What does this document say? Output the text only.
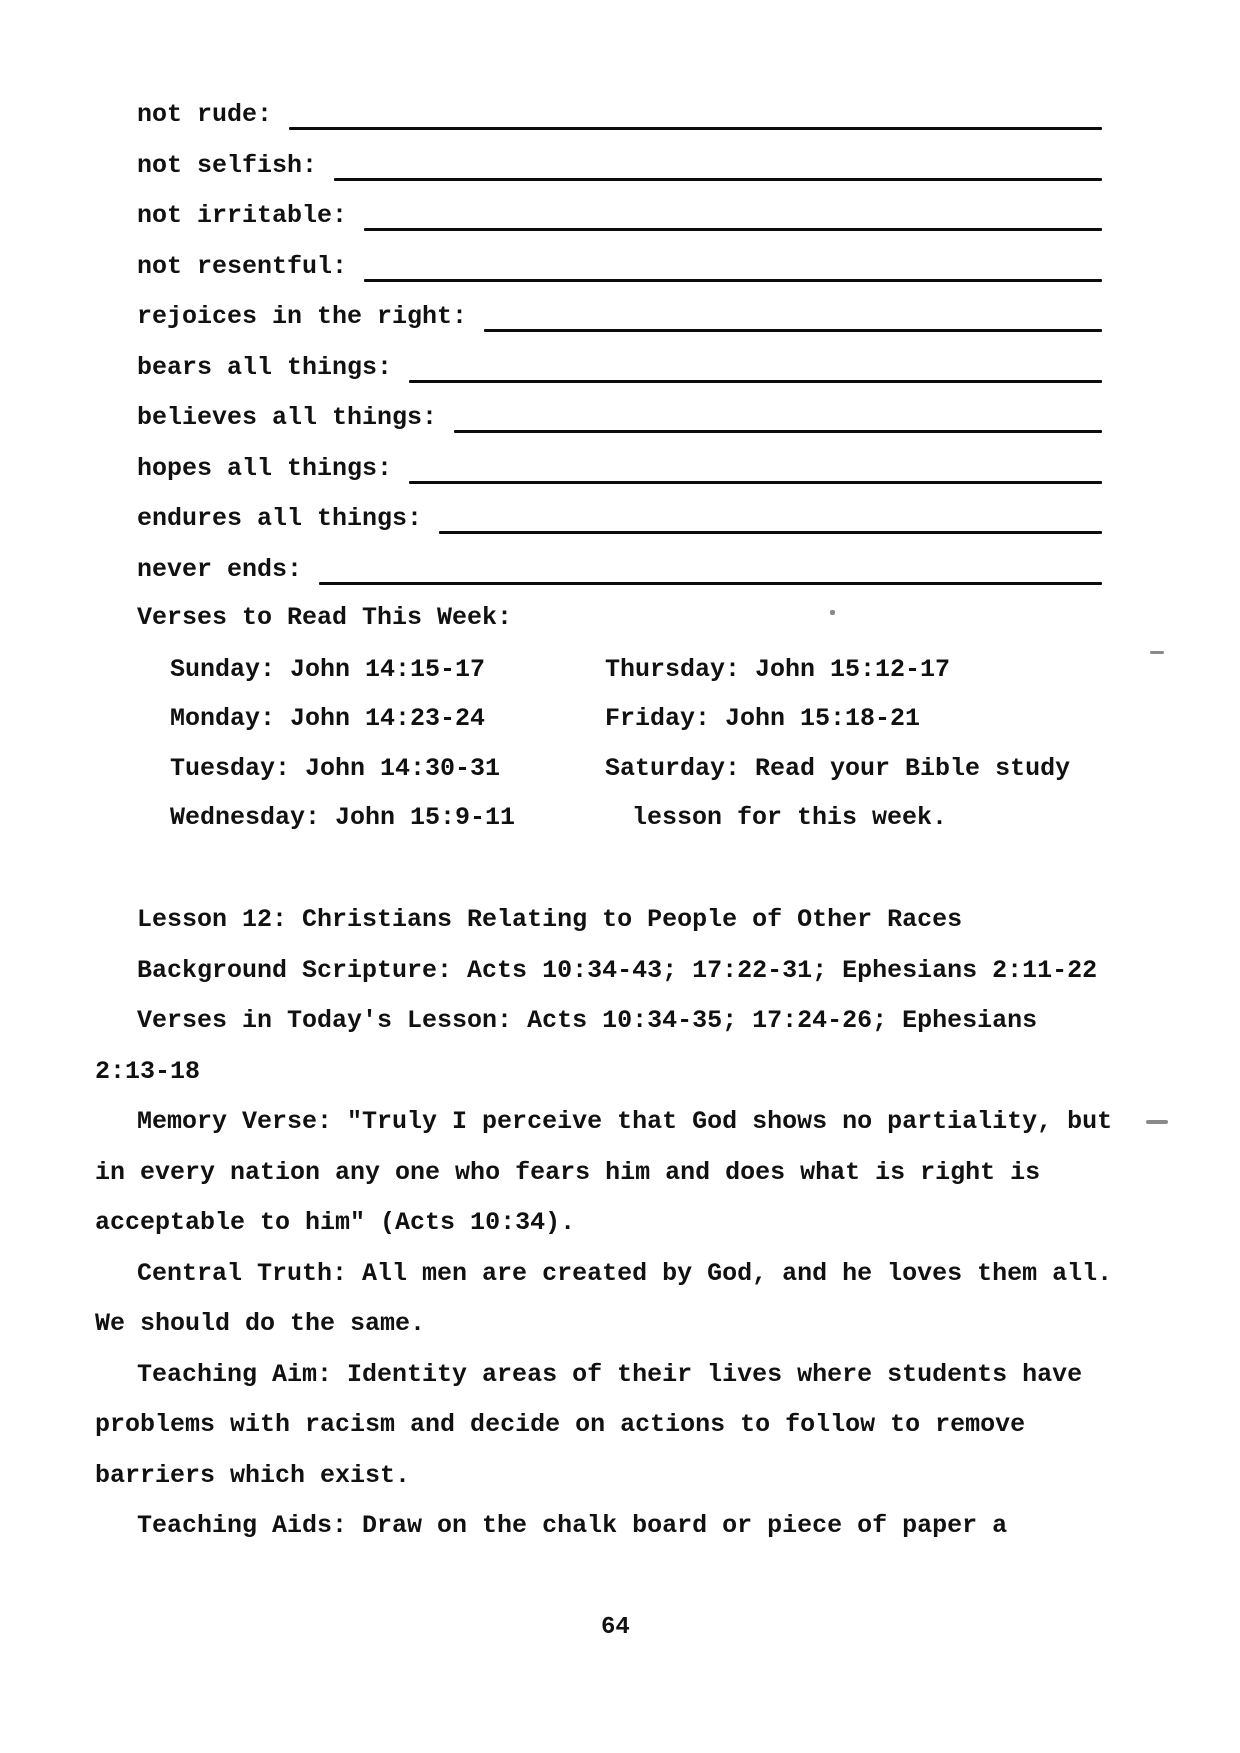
Verses to Read This Week:
64
not rude:
not selfish:
not irritable:
not resentful:
rejoices in the right:
bears all things:
believes all things:
hopes all things:
endures all things:
never ends:
Sunday: John 14:15-17	Thursday: John 15:12-17
Monday: John 14:23-24	Friday: John 15:18-21
Tuesday: John 14:30-31	Saturday: Read your Bible study
Wednesday: John 15:9-11	lesson for this week.
Lesson 12: Christians Relating to People of Other Races
Background Scripture: Acts 10:34-43; 17:22-31; Ephesians 2:11-22
Verses in Today's Lesson: Acts 10:34-35; 17:24-26; Ephesians
2:13-18
Memory Verse: "Truly I perceive that God shows no partiality, but
in every nation any one who fears him and does what is right is
acceptable to him" (Acts 10:34).
Central Truth: All men are created by God, and he loves them all.
We should do the same.
Teaching Aim: Identity areas of their lives where students have
problems with racism and decide on actions to follow to remove
barriers which exist.
Teaching Aids: Draw on the chalk board or piece of paper a
